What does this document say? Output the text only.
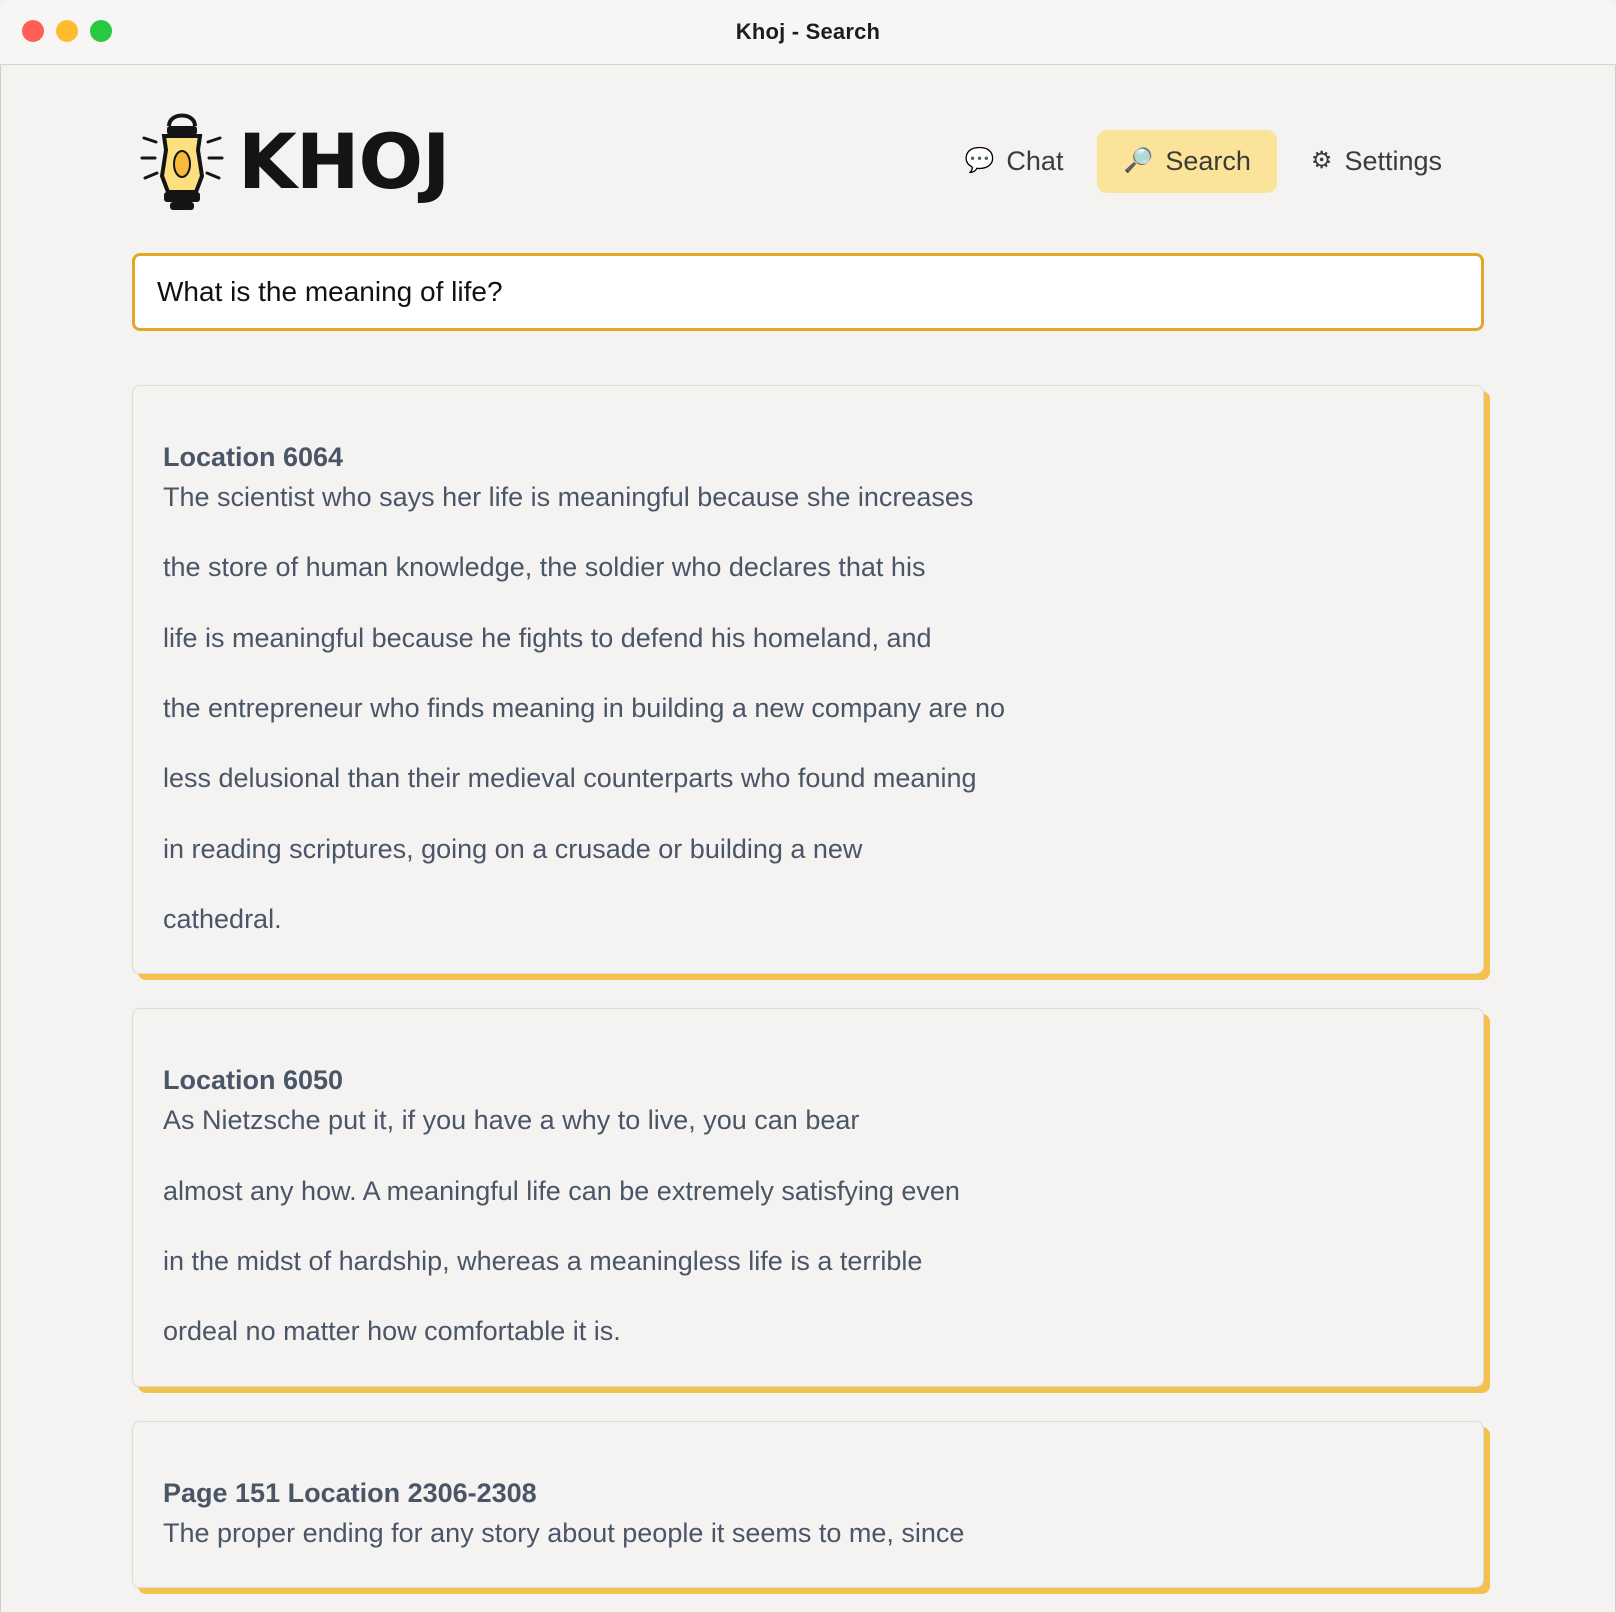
Khoj - Search
KHOJ	💬 Chat	🔎 Search	⚙ Settings
What is the meaning of life?
Location 6064

The scientist who says her life is meaningful because she increases

the store of human knowledge, the soldier who declares that his

life is meaningful because he fights to defend his homeland, and

the entrepreneur who finds meaning in building a new company are no

less delusional than their medieval counterparts who found meaning

in reading scriptures, going on a crusade or building a new

cathedral.

Location 6050

As Nietzsche put it, if you have a why to live, you can bear

almost any how. A meaningful life can be extremely satisfying even

in the midst of hardship, whereas a meaningless life is a terrible

ordeal no matter how comfortable it is.

Page 151 Location 2306-2308

The proper ending for any story about people it seems to me, since
